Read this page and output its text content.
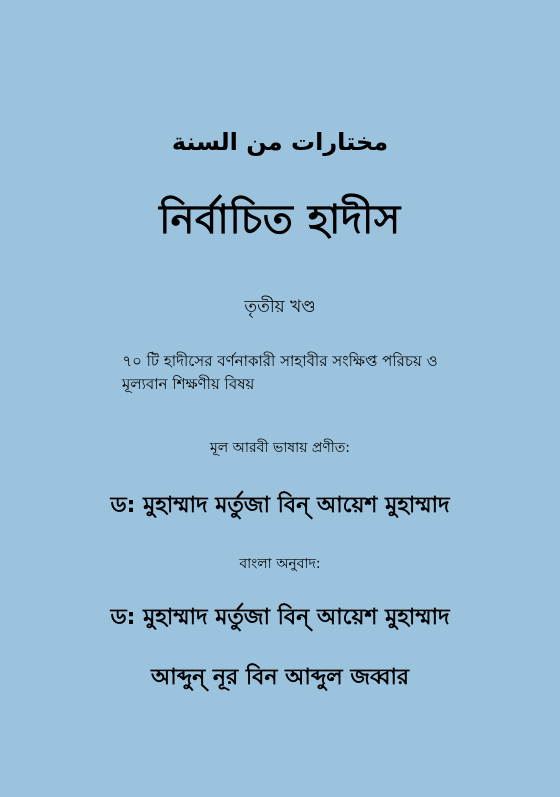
مختارات من السنة
নির্বাচিত হাদীস
তৃতীয় খণ্ড
৭০ টি হাদীসের বর্ণনাকারী সাহাবীর সংক্ষিপ্ত পরিচয় ও
মূল্যবান শিক্ষণীয় বিষয়
মূল আরবী ভাষায় প্রণীত:
ড: মুহাম্মাদ মর্তুজা বিন্ আয়েশ মুহাম্মাদ
বাংলা অনুবাদ:
ড: মুহাম্মাদ মর্তুজা বিন্ আয়েশ মুহাম্মাদ
আব্দুন্ নূর বিন আব্দুল জব্বার
